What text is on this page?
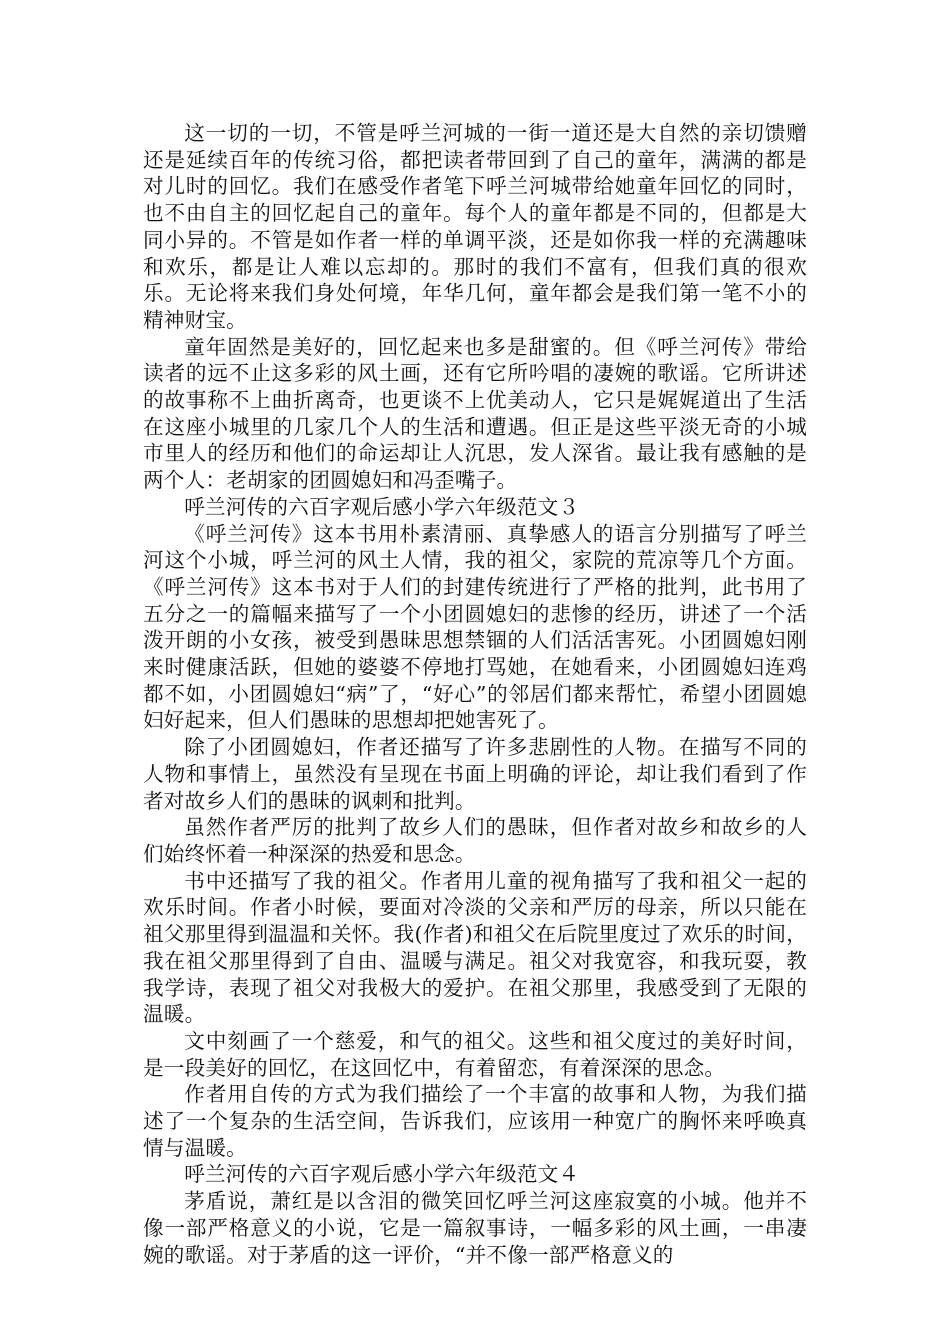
这一切的一切，不管是呼兰河城的一街一道还是大自然的亲切馈赠还是延续百年的传统习俗，都把读者带回到了自己的童年，满满的都是对儿时的回忆。我们在感受作者笔下呼兰河城带给她童年回忆的同时，也不由自主的回忆起自己的童年。每个人的童年都是不同的，但都是大同小异的。不管是如作者一样的单调平淡，还是如你我一样的充满趣味和欢乐，都是让人难以忘却的。那时的我们不富有，但我们真的很欢乐。无论将来我们身处何境，年华几何，童年都会是我们第一笔不小的精神财宝。

童年固然是美好的，回忆起来也多是甜蜜的。但《呼兰河传》带给读者的远不止这多彩的风土画，还有它所吟唱的凄婉的歌谣。它所讲述的故事称不上曲折离奇，也更谈不上优美动人，它只是娓娓道出了生活在这座小城里的几家几个人的生活和遭遇。但正是这些平淡无奇的小城市里人的经历和他们的命运却让人沉思，发人深省。最让我有感触的是两个人：老胡家的团圆媳妇和冯歪嘴子。

呼兰河传的六百字观后感小学六年级范文３

《呼兰河传》这本书用朴素清丽、真挚感人的语言分别描写了呼兰河这个小城，呼兰河的风土人情，我的祖父，家院的荒凉等几个方面。《呼兰河传》这本书对于人们的封建传统进行了严格的批判，此书用了五分之一的篇幅来描写了一个小团圆媳妇的悲惨的经历，讲述了一个活泼开朗的小女孩，被受到愚昧思想禁锢的人们活活害死。小团圆媳妇刚来时健康活跃，但她的婆婆不停地打骂她，在她看来，小团圆媳妇连鸡都不如，小团圆媳妇“病”了，“好心”的邻居们都来帮忙，希望小团圆媳妇好起来，但人们愚昧的思想却把她害死了。

除了小团圆媳妇，作者还描写了许多悲剧性的人物。在描写不同的人物和事情上，虽然没有呈现在书面上明确的评论，却让我们看到了作者对故乡人们的愚昧的讽刺和批判。

虽然作者严厉的批判了故乡人们的愚昧，但作者对故乡和故乡的人们始终怀着一种深深的热爱和思念。

书中还描写了我的祖父。作者用儿童的视角描写了我和祖父一起的欢乐时间。作者小时候，要面对冷淡的父亲和严厉的母亲，所以只能在祖父那里得到温温和关怀。我(作者)和祖父在后院里度过了欢乐的时间，我在祖父那里得到了自由、温暖与满足。祖父对我宽容，和我玩耍，教我学诗，表现了祖父对我极大的爱护。在祖父那里，我感受到了无限的温暖。

文中刻画了一个慈爱，和气的祖父。这些和祖父度过的美好时间，是一段美好的回忆，在这回忆中，有着留恋，有着深深的思念。

作者用自传的方式为我们描绘了一个丰富的故事和人物，为我们描述了一个复杂的生活空间，告诉我们，应该用一种宽广的胸怀来呼唤真情与温暖。

呼兰河传的六百字观后感小学六年级范文４

茅盾说，萧红是以含泪的微笑回忆呼兰河这座寂寞的小城。他并不像一部严格意义的小说，它是一篇叙事诗，一幅多彩的风土画，一串凄婉的歌谣。对于茅盾的这一评价，“并不像一部严格意义的
